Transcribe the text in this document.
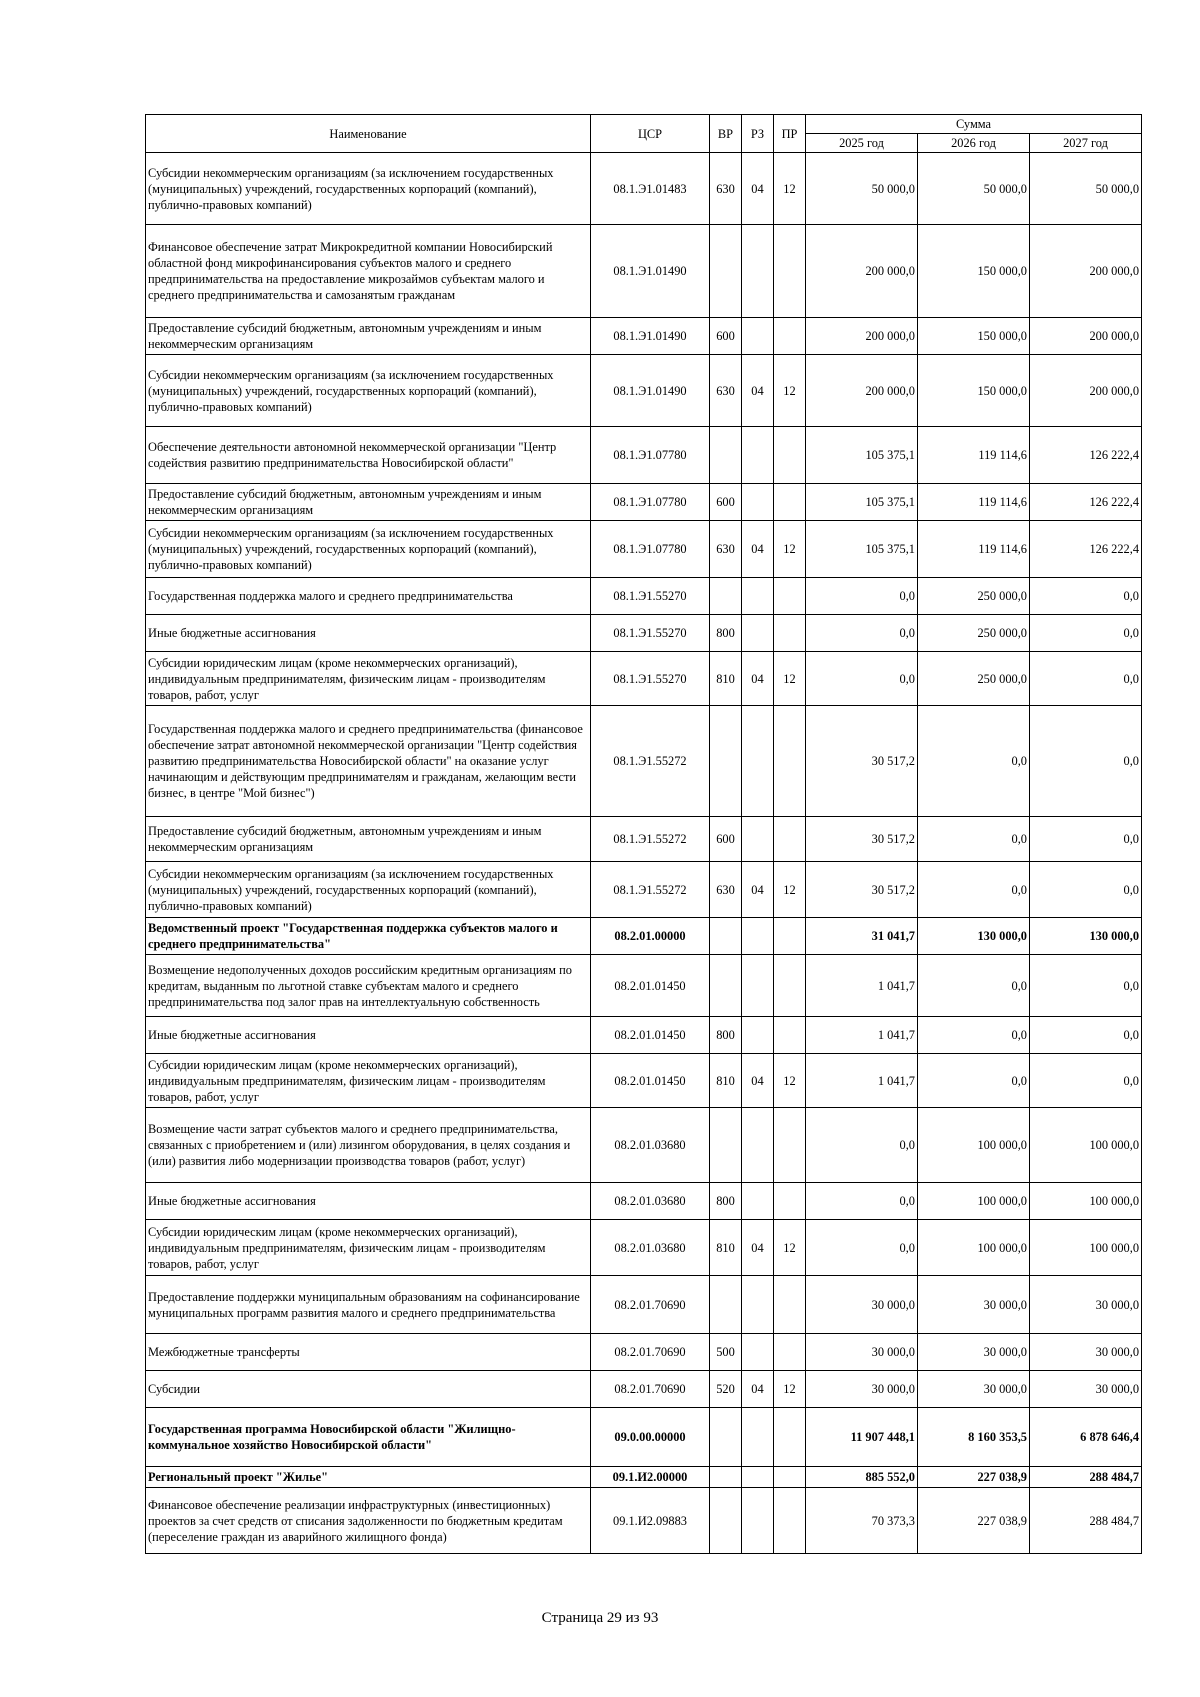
Наименование	ЦСР	ВР	РЗ	ПР	Сумма		
					2025 год	2026 год	2027 год
Субсидии некоммерческим организациям (за исключением государственных (муниципальных) учреждений, государственных корпораций (компаний), публично-правовых компаний)	08.1.Э1.01483	630	04	12	50 000,0	50 000,0	50 000,0
Финансовое обеспечение затрат Микрокредитной компании Новосибирский областной фонд микрофинансирования субъектов малого и среднего предпринимательства на предоставление микрозаймов субъектам малого и среднего предпринимательства и самозанятым гражданам	08.1.Э1.01490				200 000,0	150 000,0	200 000,0
Предоставление субсидий бюджетным, автономным учреждениям и иным некоммерческим организациям	08.1.Э1.01490	600			200 000,0	150 000,0	200 000,0
Субсидии некоммерческим организациям (за исключением государственных (муниципальных) учреждений, государственных корпораций (компаний), публично-правовых компаний)	08.1.Э1.01490	630	04	12	200 000,0	150 000,0	200 000,0
Обеспечение деятельности автономной некоммерческой организации "Центр содействия развитию предпринимательства Новосибирской области"	08.1.Э1.07780				105 375,1	119 114,6	126 222,4
Предоставление субсидий бюджетным, автономным учреждениям и иным некоммерческим организациям	08.1.Э1.07780	600			105 375,1	119 114,6	126 222,4
Субсидии некоммерческим организациям (за исключением государственных (муниципальных) учреждений, государственных корпораций (компаний), публично-правовых компаний)	08.1.Э1.07780	630	04	12	105 375,1	119 114,6	126 222,4
Государственная поддержка малого и среднего предпринимательства	08.1.Э1.55270				0,0	250 000,0	0,0
Иные бюджетные ассигнования	08.1.Э1.55270	800			0,0	250 000,0	0,0
Субсидии юридическим лицам (кроме некоммерческих организаций), индивидуальным предпринимателям, физическим лицам - производителям товаров, работ, услуг	08.1.Э1.55270	810	04	12	0,0	250 000,0	0,0
Государственная поддержка малого и среднего предпринимательства (финансовое обеспечение затрат автономной некоммерческой организации "Центр содействия развитию предпринимательства Новосибирской области" на оказание услуг начинающим и действующим предпринимателям и гражданам, желающим вести бизнес, в центре "Мой бизнес")	08.1.Э1.55272				30 517,2	0,0	0,0
Предоставление субсидий бюджетным, автономным учреждениям и иным некоммерческим организациям	08.1.Э1.55272	600			30 517,2	0,0	0,0
Субсидии некоммерческим организациям (за исключением государственных (муниципальных) учреждений, государственных корпораций (компаний), публично-правовых компаний)	08.1.Э1.55272	630	04	12	30 517,2	0,0	0,0
Ведомственный проект "Государственная поддержка субъектов малого и среднего предпринимательства"	08.2.01.00000				31 041,7	130 000,0	130 000,0
Возмещение недополученных доходов российским кредитным организациям по кредитам, выданным по льготной ставке субъектам малого и среднего предпринимательства под залог прав на интеллектуальную собственность	08.2.01.01450				1 041,7	0,0	0,0
Иные бюджетные ассигнования	08.2.01.01450	800			1 041,7	0,0	0,0
Субсидии юридическим лицам (кроме некоммерческих организаций), индивидуальным предпринимателям, физическим лицам - производителям товаров, работ, услуг	08.2.01.01450	810	04	12	1 041,7	0,0	0,0
Возмещение части затрат субъектов малого и среднего предпринимательства, связанных с приобретением и (или) лизингом оборудования, в целях создания и (или) развития либо модернизации производства товаров (работ, услуг)	08.2.01.03680				0,0	100 000,0	100 000,0
Иные бюджетные ассигнования	08.2.01.03680	800			0,0	100 000,0	100 000,0
Субсидии юридическим лицам (кроме некоммерческих организаций), индивидуальным предпринимателям, физическим лицам - производителям товаров, работ, услуг	08.2.01.03680	810	04	12	0,0	100 000,0	100 000,0
Предоставление поддержки муниципальным образованиям на софинансирование муниципальных программ развития малого и среднего предпринимательства	08.2.01.70690				30 000,0	30 000,0	30 000,0
Межбюджетные трансферты	08.2.01.70690	500			30 000,0	30 000,0	30 000,0
Субсидии	08.2.01.70690	520	04	12	30 000,0	30 000,0	30 000,0
Государственная программа Новосибирской области "Жилищно-коммунальное хозяйство Новосибирской области"	09.0.00.00000				11 907 448,1	8 160 353,5	6 878 646,4
Региональный проект "Жилье"	09.1.И2.00000				885 552,0	227 038,9	288 484,7
Финансовое обеспечение реализации инфраструктурных (инвестиционных) проектов за счет средств от списания задолженности по бюджетным кредитам (переселение граждан из аварийного жилищного фонда)	09.1.И2.09883				70 373,3	227 038,9	288 484,7
Страница 29 из 93
